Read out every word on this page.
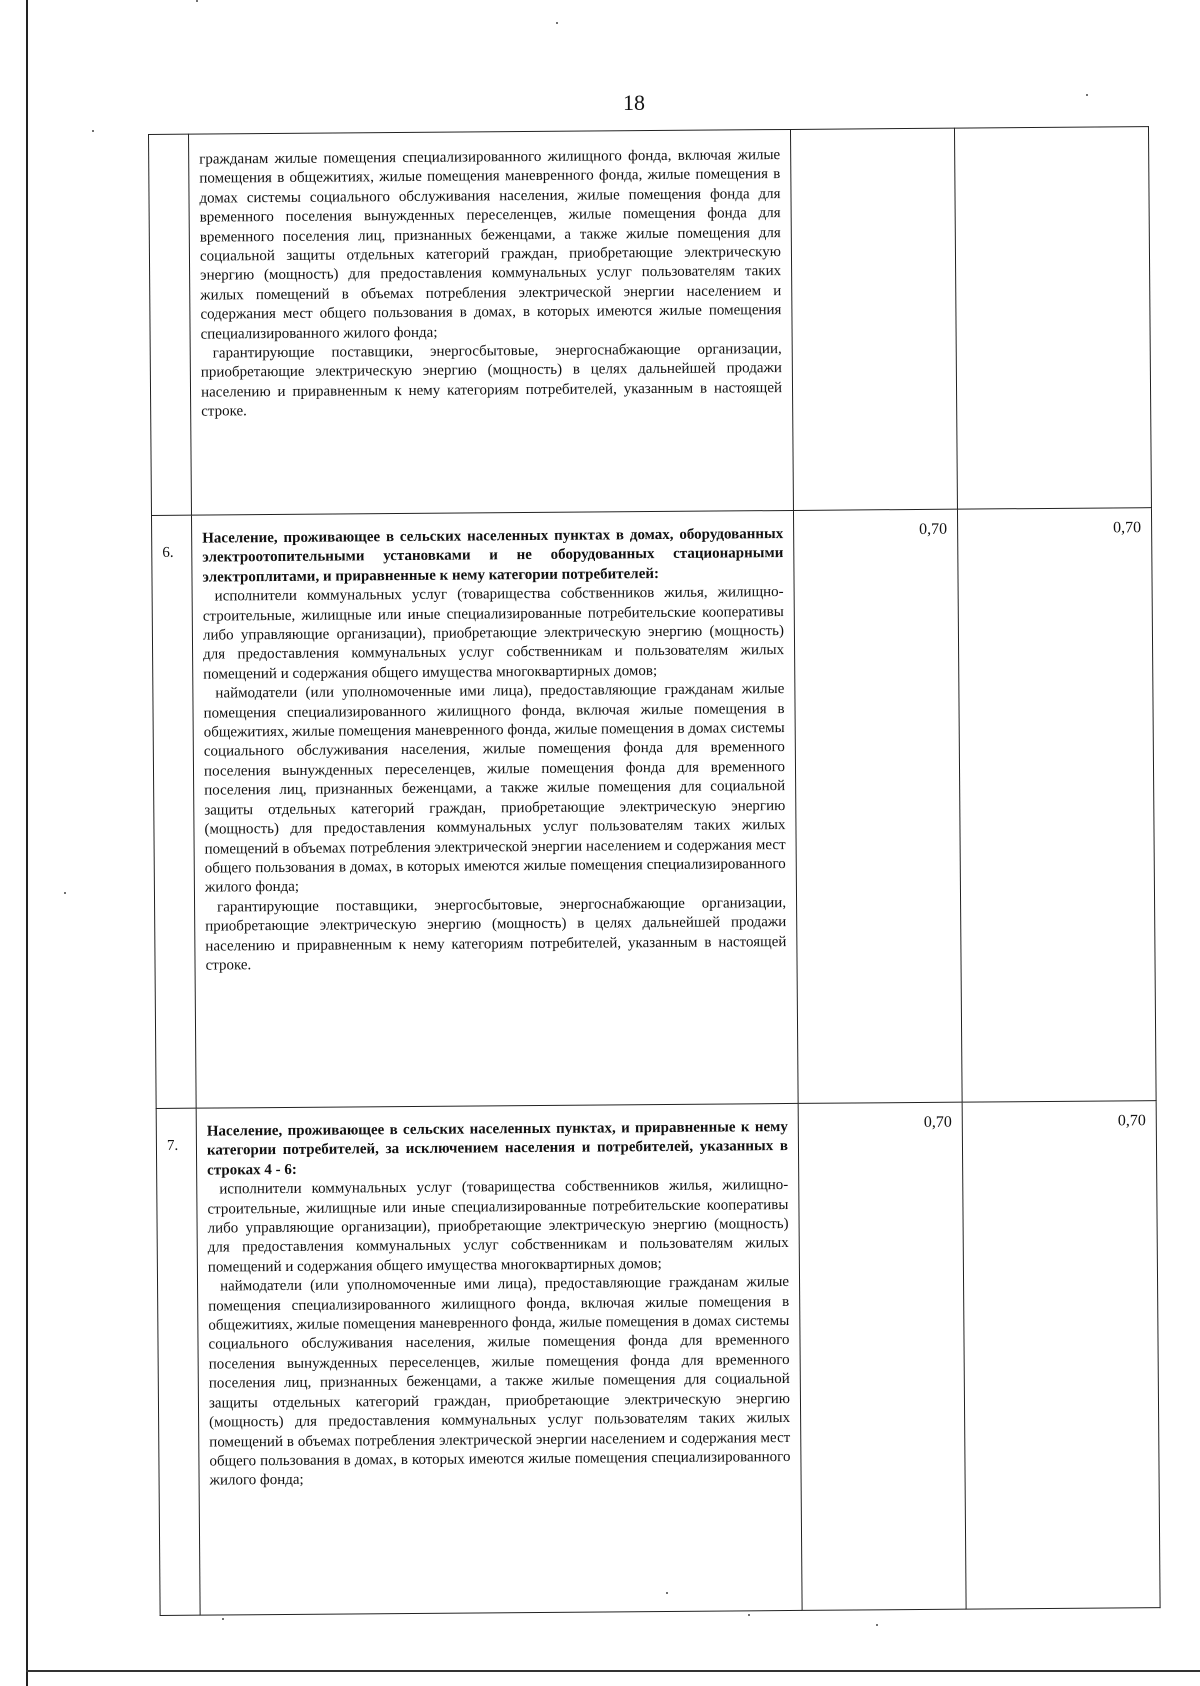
18

	гражданам жилые помещения специализированного жилищного фонда, включая жилые помещения в общежитиях, жилые помещения маневренного фонда, жилые помещения в домах системы социального обслуживания населения, жилые помещения фонда для временного поселения вынужденных переселенцев, жилые помещения фонда для временного поселения лиц, признанных беженцами, а также жилые помещения для социальной защиты отдельных категорий граждан, приобретающие электрическую энергию (мощность) для предоставления коммунальных услуг пользователям таких жилых помещений в объемах потребления электрической энергии населением и содержания мест общего пользования в домах, в которых имеются жилые помещения специализированного жилого фонда;

гарантирующие поставщики, энергосбытовые, энергоснабжающие организации, приобретающие электрическую энергию (мощность) в целях дальнейшей продажи населению и приравненным к нему категориям потребителей, указанным в настоящей строке.		

6.	Население, проживающее в сельских населенных пунктах в домах, оборудованных электроотопительными установками и не оборудованных стационарными электроплитами, и приравненные к нему категории потребителей:

исполнители коммунальных услуг (товарищества собственников жилья, жилищно-строительные, жилищные или иные специализированные потребительские кооперативы либо управляющие организации), приобретающие электрическую энергию (мощность) для предоставления коммунальных услуг собственникам и пользователям жилых помещений и содержания общего имущества многоквартирных домов;

наймодатели (или уполномоченные ими лица), предоставляющие гражданам жилые помещения специализированного жилищного фонда, включая жилые помещения в общежитиях, жилые помещения маневренного фонда, жилые помещения в домах системы социального обслуживания населения, жилые помещения фонда для временного поселения вынужденных переселенцев, жилые помещения фонда для временного поселения лиц, признанных беженцами, а также жилые помещения для социальной защиты отдельных категорий граждан, приобретающие электрическую энергию (мощность) для предоставления коммунальных услуг пользователям таких жилых помещений в объемах потребления электрической энергии населением и содержания мест общего пользования в домах, в которых имеются жилые помещения специализированного жилого фонда;

гарантирующие поставщики, энергосбытовые, энергоснабжающие организации, приобретающие электрическую энергию (мощность) в целях дальнейшей продажи населению и приравненным к нему категориям потребителей, указанным в настоящей строке.	0,70	0,70
7.	Население, проживающее в сельских населенных пунктах, и приравненные к нему категории потребителей, за исключением населения и потребителей, указанных в строках 4 - 6:

исполнители коммунальных услуг (товарищества собственников жилья, жилищно-строительные, жилищные или иные специализированные потребительские кооперативы либо управляющие организации), приобретающие электрическую энергию (мощность) для предоставления коммунальных услуг собственникам и пользователям жилых помещений и содержания общего имущества многоквартирных домов;

наймодатели (или уполномоченные ими лица), предоставляющие гражданам жилые помещения специализированного жилищного фонда, включая жилые помещения в общежитиях, жилые помещения маневренного фонда, жилые помещения в домах системы социального обслуживания населения, жилые помещения фонда для временного поселения вынужденных переселенцев, жилые помещения фонда для временного поселения лиц, признанных беженцами, а также жилые помещения для социальной защиты отдельных категорий граждан, приобретающие электрическую энергию (мощность) для предоставления коммунальных услуг пользователям таких жилых помещений в объемах потребления электрической энергии населением и содержания мест общего пользования в домах, в которых имеются жилые помещения специализированного жилого фонда;	0,70	0,70
